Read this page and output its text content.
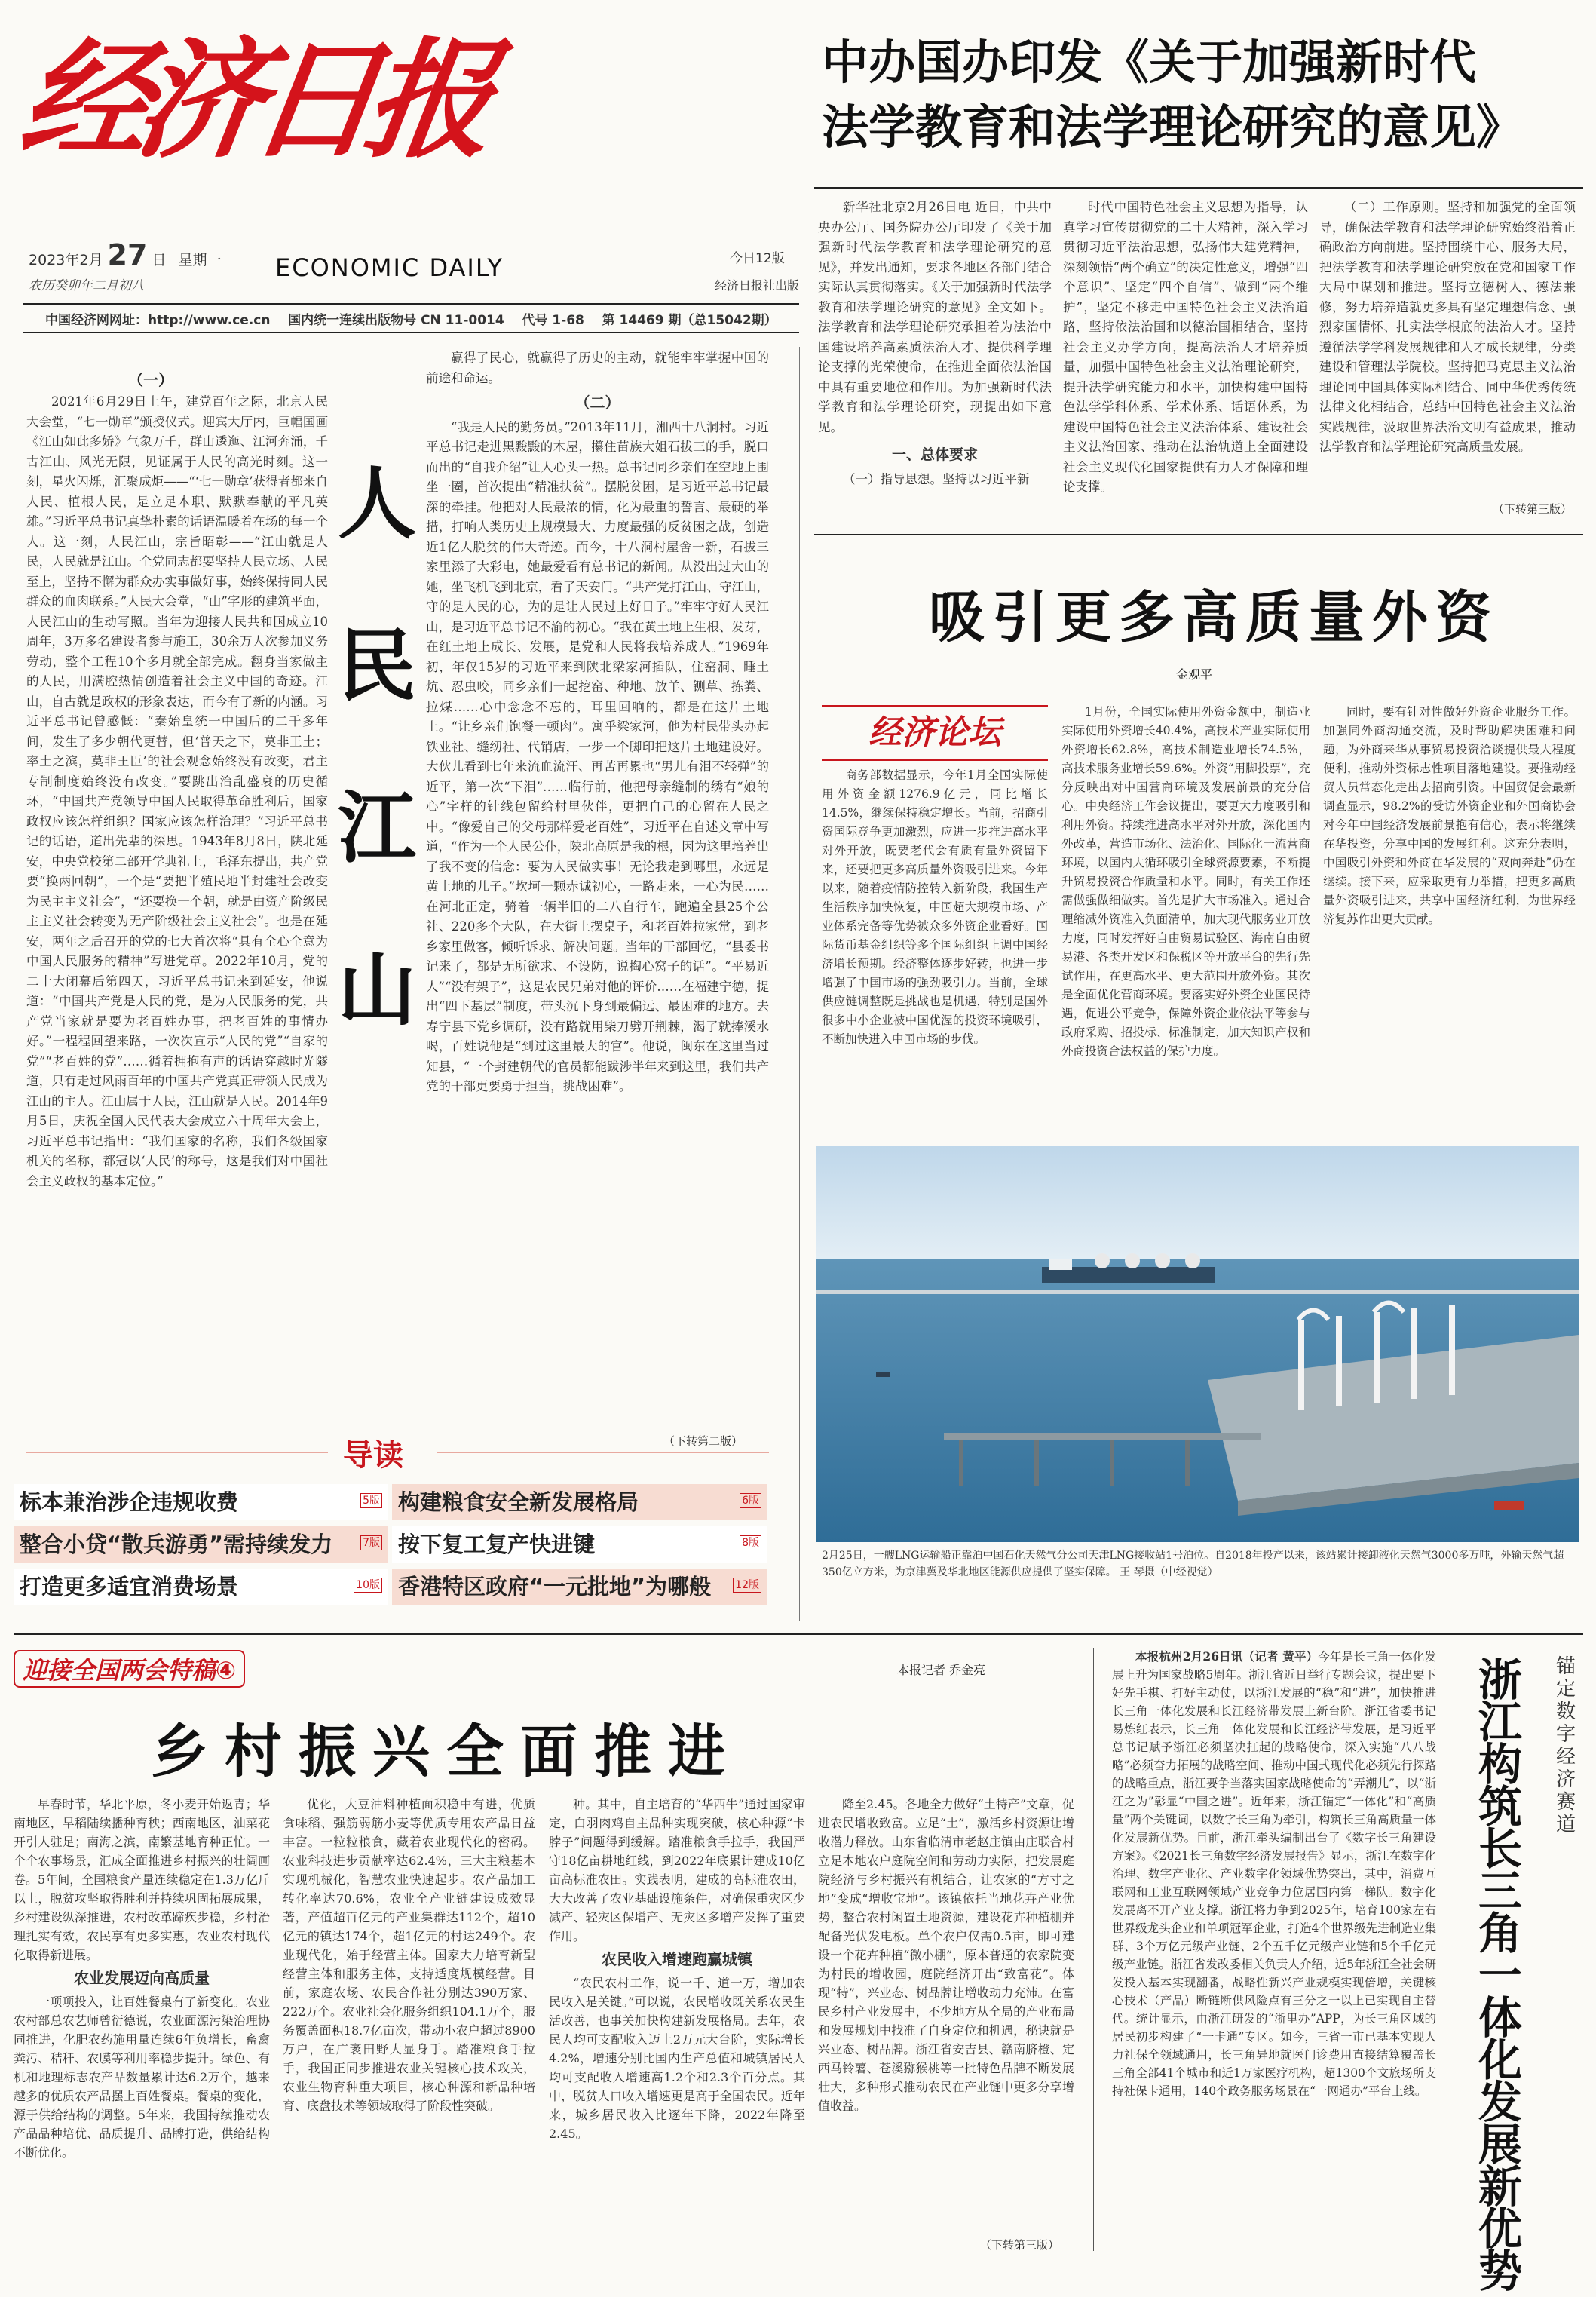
经济日报
2023年2月 27 日 星期一
农历癸卯年二月初八
ECONOMIC DAILY	今日12版
经济日报社出版
中国经济网网址：http://www.ce.cn    国内统一连续出版物号 CN 11-0014    代号 1-68    第 14469 期（总15042期）
中办国办印发《关于加强新时代
法学教育和法学理论研究的意见》

新华社北京2月26日电 近日，中共中央办公厅、国务院办公厅印发了《关于加强新时代法学教育和法学理论研究的意见》，并发出通知，要求各地区各部门结合实际认真贯彻落实。《关于加强新时代法学教育和法学理论研究的意见》全文如下。法学教育和法学理论研究承担着为法治中国建设培养高素质法治人才、提供科学理论支撑的光荣使命，在推进全面依法治国中具有重要地位和作用。为加强新时代法学教育和法学理论研究，现提出如下意见。

一、总体要求

（一）指导思想。坚持以习近平新

时代中国特色社会主义思想为指导，认真学习宣传贯彻党的二十大精神，深入学习贯彻习近平法治思想，弘扬伟大建党精神，深刻领悟“两个确立”的决定性意义，增强“四个意识”、坚定“四个自信”、做到“两个维护”，坚定不移走中国特色社会主义法治道路，坚持依法治国和以德治国相结合，坚持社会主义办学方向，提高法治人才培养质量，加强中国特色社会主义法治理论研究，提升法学研究能力和水平，加快构建中国特色法学学科体系、学术体系、话语体系，为建设中国特色社会主义法治体系、建设社会主义法治国家、推动在法治轨道上全面建设社会主义现代化国家提供有力人才保障和理论支撑。

（二）工作原则。坚持和加强党的全面领导，确保法学教育和法学理论研究始终沿着正确政治方向前进。坚持围绕中心、服务大局，把法学教育和法学理论研究放在党和国家工作大局中谋划和推进。坚持立德树人、德法兼修，努力培养造就更多具有坚定理想信念、强烈家国情怀、扎实法学根底的法治人才。坚持遵循法学学科发展规律和人才成长规律，分类建设和管理法学院校。坚持把马克思主义法治理论同中国具体实际相结合、同中华优秀传统法律文化相结合，总结中国特色社会主义法治实践规律，汲取世界法治文明有益成果，推动法学教育和法学理论研究高质量发展。

（下转第三版）
（一）

2021年6月29日上午，建党百年之际，北京人民大会堂，“七一勋章”颁授仪式。迎宾大厅内，巨幅国画《江山如此多娇》气象万千，群山逶迤、江河奔涌，千古江山、风光无限，见证属于人民的高光时刻。这一刻，星火闪烁，汇聚成炬——“‘七一勋章’获得者都来自人民、植根人民，是立足本职、默默奉献的平凡英雄。”习近平总书记真挚朴素的话语温暖着在场的每一个人。这一刻，人民江山，宗旨昭彰——“江山就是人民，人民就是江山。全党同志都要坚持人民立场、人民至上，坚持不懈为群众办实事做好事，始终保持同人民群众的血肉联系。”人民大会堂，“山”字形的建筑平面，人民江山的生动写照。当年为迎接人民共和国成立10周年，3万多名建设者参与施工，30余万人次参加义务劳动，整个工程10个多月就全部完成。翻身当家做主的人民，用满腔热情创造着社会主义中国的奇迹。江山，自古就是政权的形象表达，而今有了新的内涵。习近平总书记曾感慨：“秦始皇统一中国后的二千多年间，发生了多少朝代更替，但‘普天之下，莫非王土；率土之滨，莫非王臣’的社会观念始终没有改变，君主专制制度始终没有改变。”要跳出治乱盛衰的历史循环，“中国共产党领导中国人民取得革命胜利后，国家政权应该怎样组织？国家应该怎样治理？”习近平总书记的话语，道出先辈的深思。1943年8月8日，陕北延安，中央党校第二部开学典礼上，毛泽东提出，共产党要“换两回朝”，一个是“要把半殖民地半封建社会改变为民主主义社会”，“还要换一个朝，就是由资产阶级民主主义社会转变为无产阶级社会主义社会”。也是在延安，两年之后召开的党的七大首次将“具有全心全意为中国人民服务的精神”写进党章。2022年10月，党的二十大闭幕后第四天，习近平总书记来到延安，他说道：“中国共产党是人民的党，是为人民服务的党，共产党当家就是要为老百姓办事，把老百姓的事情办好。”一程程回望来路，一次次宣示“人民的党”“自家的党”“老百姓的党”……循着拥抱有声的话语穿越时光隧道，只有走过风雨百年的中国共产党真正带领人民成为江山的主人。江山属于人民，江山就是人民。2014年9月5日，庆祝全国人民代表大会成立六十周年大会上，习近平总书记指出：“我们国家的名称，我们各级国家机关的名称，都冠以‘人民’的称号，这是我们对中国社会主义政权的基本定位。”

人
民
江
山

赢得了民心，就赢得了历史的主动，就能牢牢掌握中国的前途和命运。

（二）

“我是人民的勤务员。”2013年11月，湘西十八洞村。习近平总书记走进黑黢黢的木屋，攥住苗族大姐石拔三的手，脱口而出的“自我介绍”让人心头一热。总书记同乡亲们在空地上围坐一圈，首次提出“精准扶贫”。摆脱贫困，是习近平总书记最深的牵挂。他把对人民最浓的情，化为最重的誓言、最硬的举措，打响人类历史上规模最大、力度最强的反贫困之战，创造近1亿人脱贫的伟大奇迹。而今，十八洞村屋舍一新，石拔三家里添了大彩电，她最爱看有总书记的新闻。从没出过大山的她，坐飞机飞到北京，看了天安门。“共产党打江山、守江山，守的是人民的心，为的是让人民过上好日子。”牢牢守好人民江山，是习近平总书记不渝的初心。“我在黄土地上生根、发芽，在红土地上成长、发展，是党和人民将我培养成人。”1969年初，年仅15岁的习近平来到陕北梁家河插队，住窑洞、睡土炕、忍虫咬，同乡亲们一起挖窑、种地、放羊、铡草、拣粪、拉煤……心中念念不忘的，耳里回响的，都是在这片土地上。“让乡亲们饱餐一顿肉”。寓乎梁家河，他为村民带头办起铁业社、缝纫社、代销店，一步一个脚印把这片土地建设好。大伙儿看到七年来流血流汗、再苦再累也“男儿有泪不轻弹”的近平，第一次“下泪”……临行前，他把母亲缝制的绣有“娘的心”字样的针线包留给村里伙伴，更把自己的心留在人民之中。“像爱自己的父母那样爱老百姓”，习近平在自述文章中写道，“作为一个人民公仆，陕北高原是我的根，因为这里培养出了我不变的信念：要为人民做实事！无论我走到哪里，永远是黄土地的儿子。”坎坷一颗赤诚初心，一路走来，一心为民……在河北正定，骑着一辆半旧的二八自行车，跑遍全县25个公社、220多个大队，在大街上摆桌子，和老百姓拉家常，到老乡家里做客，倾听诉求、解决问题。当年的干部回忆，“县委书记来了，都是无所欲求、不设防，说掏心窝子的话”。“平易近人”“没有架子”，这是农民兄弟对他的评价……在福建宁德，提出“四下基层”制度，带头沉下身到最偏远、最困难的地方。去寿宁县下党乡调研，没有路就用柴刀劈开荆棘，渴了就捧溪水喝，百姓说他是“到过这里最大的官”。他说，闽东在这里当过知县，“一个封建朝代的官员都能跋涉半年来到这里，我们共产党的干部更要勇于担当，挑战困难”。

（下转第二版）
导读
标本兼治涉企违规收费	5版 构建粮食安全新发展格局	6版
整合小贷“散兵游勇”需持续发力	7版 按下复工复产快进键	8版
打造更多适宜消费场景	10版 香港特区政府“一元批地”为哪般 12版
吸引更多高质量外资
金观平
经济论坛

商务部数据显示，今年1月全国实际使用外资金额1276.9亿元，同比增长14.5%，继续保持稳定增长。当前，招商引资国际竞争更加激烈，应进一步推进高水平对外开放，既要老代会有质有量外资留下来，还要把更多高质量外资吸引进来。今年以来，随着疫情防控转入新阶段，我国生产生活秩序加快恢复，中国超大规模市场、产业体系完备等优势被众多外资企业看好。国际货币基金组织等多个国际组织上调中国经济增长预期。经济整体逐步好转，也进一步增强了中国市场的强劲吸引力。当前，全球供应链调整既是挑战也是机遇，特别是国外很多中小企业被中国优渥的投资环境吸引，不断加快进入中国市场的步伐。

1月份，全国实际使用外资金额中，制造业实际使用外资增长40.4%，高技术产业实际使用外资增长62.8%，高技术制造业增长74.5%，高技术服务业增长59.6%。外资“用脚投票”，充分反映出对中国营商环境及发展前景的充分信心。中央经济工作会议提出，要更大力度吸引和利用外资。持续推进高水平对外开放，深化国内外改革，营造市场化、法治化、国际化一流营商环境，以国内大循环吸引全球资源要素，不断提升贸易投资合作质量和水平。同时，有关工作还需做强做细做实。首先是扩大市场准入。通过合理缩减外资准入负面清单，加大现代服务业开放力度，同时发挥好自由贸易试验区、海南自由贸易港、各类开发区和保税区等开放平台的先行先试作用，在更高水平、更大范围开放外资。其次是全面优化营商环境。要落实好外资企业国民待遇，促进公平竞争，保障外资企业依法平等参与政府采购、招投标、标准制定，加大知识产权和外商投资合法权益的保护力度。

同时，要有针对性做好外资企业服务工作。加强同外商沟通交流，及时帮助解决困难和问题，为外商来华从事贸易投资洽谈提供最大程度便利，推动外资标志性项目落地建设。要推动经贸人员常态化走出去招商引资。中国贸促会最新调查显示，98.2%的受访外资企业和外国商协会对今年中国经济发展前景抱有信心，表示将继续在华投资，分享中国的发展红利。这充分表明，中国吸引外资和外商在华发展的“双向奔赴”仍在继续。接下来，应采取更有力举措，把更多高质量外资吸引进来，共享中国经济红利，为世界经济复苏作出更大贡献。

2月25日，一艘LNG运输船正靠泊中国石化天然气分公司天津LNG接收站1号泊位。自2018年投产以来，该站累计接卸液化天然气3000多万吨，外输天然气超350亿立方米，为京津冀及华北地区能源供应提供了坚实保障。 王 琴摄（中经视觉）
迎接全国两会特稿④	本报记者 乔金亮
乡村振兴全面推进

早春时节，华北平原，冬小麦开始返青；华南地区，早稻陆续播种育秧；西南地区，油菜花开引人驻足；南海之滨，南繁基地育种正忙。一个个农事场景，汇成全面推进乡村振兴的壮阔画卷。5年间，全国粮食产量连续稳定在1.3万亿斤以上，脱贫攻坚取得胜利并持续巩固拓展成果，乡村建设纵深推进，农村改革蹄疾步稳，乡村治理扎实有效，农民享有更多实惠，农业农村现代化取得新进展。

农业发展迈向高质量

一项项投入，让百姓餐桌有了新变化。农业农村部总农艺师曾衍德说，农业面源污染治理协同推进，化肥农药施用量连续6年负增长，畜禽粪污、秸秆、农膜等利用率稳步提升。绿色、有机和地理标志农产品数量累计达6.2万个，越来越多的优质农产品摆上百姓餐桌。餐桌的变化，源于供给结构的调整。5年来，我国持续推动农产品品种培优、品质提升、品牌打造，供给结构不断优化。

优化，大豆油料种植面积稳中有进，优质食味稻、强筋弱筋小麦等优质专用农产品日益丰富。一粒粒粮食，藏着农业现代化的密码。农业科技进步贡献率达62.4%，三大主粮基本实现机械化，智慧农业快速起步。农产品加工转化率达70.6%，农业全产业链建设成效显著，产值超百亿元的产业集群达112个，超10亿元的镇达174个，超1亿元的村达249个。农业现代化，始于经营主体。国家大力培育新型经营主体和服务主体，支持适度规模经营。目前，家庭农场、农民合作社分别达390万家、222万个。农业社会化服务组织104.1万个，服务覆盖面积18.7亿亩次，带动小农户超过8900万户，在广袤田野大显身手。踏准粮食手拉手，我国正同步推进农业关键核心技术攻关，农业生物育种重大项目，核心种源和新品种培育、底盘技术等领域取得了阶段性突破。

种。其中，自主培育的“华西牛”通过国家审定，白羽肉鸡自主品种实现突破，核心种源“卡脖子”问题得到缓解。踏准粮食手拉手，我国严守18亿亩耕地红线，到2022年底累计建成10亿亩高标准农田。实践表明，建成的高标准农田，大大改善了农业基础设施条件，对确保重灾区少减产、轻灾区保增产、无灾区多增产发挥了重要作用。

农民收入增速跑赢城镇

“农民农村工作，说一千、道一万，增加农民收入是关键。”可以说，农民增收既关系农民生活改善，也事关加快构建新发展格局。去年，农民人均可支配收入迈上2万元大台阶，实际增长4.2%，增速分别比国内生产总值和城镇居民人均可支配收入增速高1.2个和2.3个百分点。其中，脱贫人口收入增速更是高于全国农民。近年来，城乡居民收入比逐年下降，2022年降至2.45。

降至2.45。各地全力做好“土特产”文章，促进农民增收致富。立足“土”，激活乡村资源让增收潜力释放。山东省临清市老赵庄镇由庄联合村立足本地农户庭院空间和劳动力实际，把发展庭院经济与乡村振兴有机结合，让农家的“方寸之地”变成“增收宝地”。该镇依托当地花卉产业优势，整合农村闲置土地资源，建设花卉种植棚并配备光伏发电板。单个农户仅需0.5亩，即可建设一个花卉种植“微小棚”，原本普通的农家院变为村民的增收园，庭院经济开出“致富花”。体现“特”，兴业态、树品牌让增收动力充沛。在富民乡村产业发展中，不少地方从全局的产业布局和发展规划中找准了自身定位和机遇，秘诀就是兴业态、树品牌。浙江省安吉县、赣南脐橙、定西马铃薯、苍溪猕猴桃等一批特色品牌不断发展壮大，多种形式推动农民在产业链中更多分享增值收益。

（下转第三版）

本报杭州2月26日讯（记者 黄平）今年是长三角一体化发展上升为国家战略5周年。浙江省近日举行专题会议，提出要下好先手棋、打好主动仗，以浙江发展的“稳”和“进”，加快推进长三角一体化发展和长江经济带发展上新台阶。浙江省委书记易炼红表示，长三角一体化发展和长江经济带发展，是习近平总书记赋予浙江必须坚决扛起的战略使命，深入实施“八八战略”必须奋力拓展的战略空间、推动中国式现代化必须先行探路的战略重点，浙江要争当落实国家战略使命的“弄潮儿”，以“浙江之为”彰显“中国之进”。近年来，浙江锚定“一体化”和“高质量”两个关键词，以数字长三角为牵引，构筑长三角高质量一体化发展新优势。目前，浙江牵头编制出台了《数字长三角建设方案》。《2021长三角数字经济发展报告》显示，浙江在数字化治理、数字产业化、产业数字化领域优势突出，其中，消费互联网和工业互联网领域产业竞争力位居国内第一梯队。数字化发展离不开产业支撑。浙江将力争到2025年，培育100家左右世界级龙头企业和单项冠军企业，打造4个世界级先进制造业集群、3个万亿元级产业链、2个五千亿元级产业链和5个千亿元级产业链。浙江省发改委相关负责人介绍，近5年浙江全社会研发投入基本实现翻番，战略性新兴产业规模实现倍增，关键核心技术（产品）断链断供风险点有三分之一以上已实现自主替代。统计显示，由浙江研发的“浙里办”APP，为长三角区域的居民初步构建了“一卡通”专区。如今，三省一市已基本实现人力社保全领域通用，长三角异地就医门诊费用直接结算覆盖长三角全部41个城市和近1万家医疗机构，超1300个文旅场所支持社保卡通用，140个政务服务场景在“一网通办”平台上线。

锚定数字经济赛道
浙江构筑长三角一体化发展新优势
